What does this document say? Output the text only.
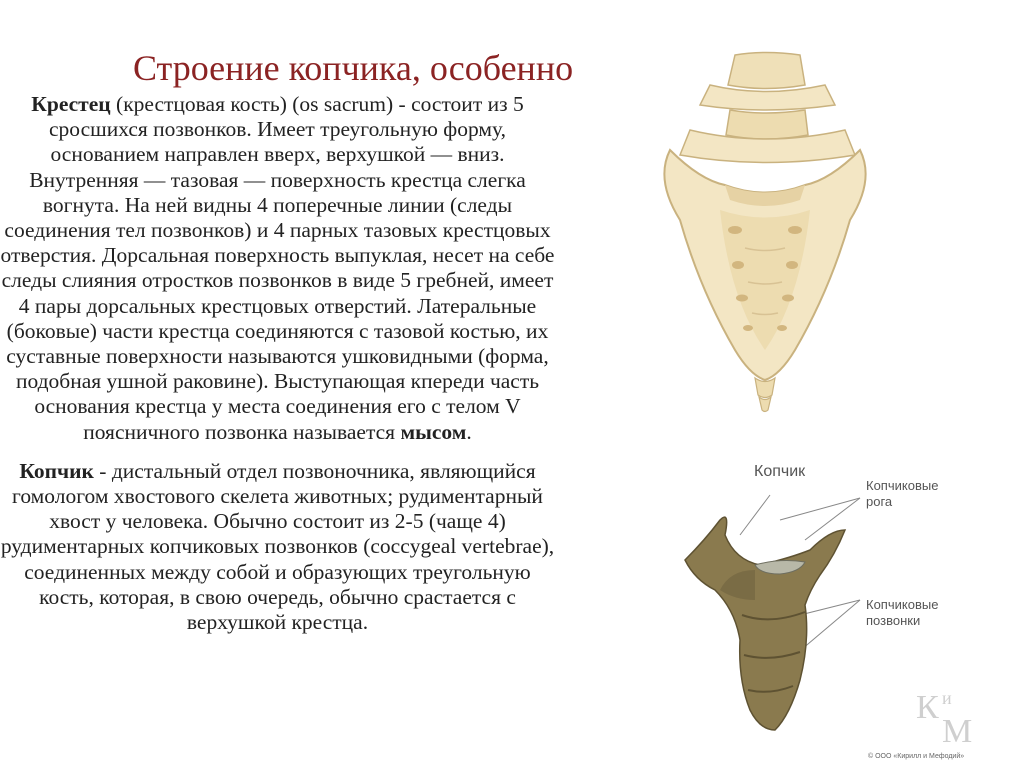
Строение копчика, особенно

Крестец (крестцовая кость) (os sacrum) - состоит из 5 сросшихся позвонков. Имеет треугольную форму, основанием направлен вверх, верхушкой — вниз. Внутренняя — тазовая — поверхность крестца слегка вогнута. На ней видны 4 поперечные линии (следы соединения тел позвонков) и 4 парных тазовых крестцовых отверстия. Дорсальная поверхность выпуклая, несет на себе следы слияния отростков позвонков в виде 5 гребней, имеет 4 пары дорсальных крестцовых отверстий. Латеральные (боковые) части крестца соединяются с тазовой костью, их суставные поверхности называются ушковидными (форма, подобная ушной раковине). Выступающая кпереди часть основания крестца у места соединения его с телом V поясничного позвонка называется мысом.

Копчик - дистальный отдел позвоночника, являющийся гомологом хвостового скелета животных; рудиментарный хвост у человека. Обычно состоит из 2-5 (чаще 4) рудиментарных копчиковых позвонков (coccygeal vertebrae), соединенных между собой и образующих треугольную кость, которая, в свою очередь, обычно срастается с верхушкой крестца.

Копчик
Копчиковые
рога
Копчиковые
позвонки
К и
М
© ООО «Кирилл и Мефодий»
